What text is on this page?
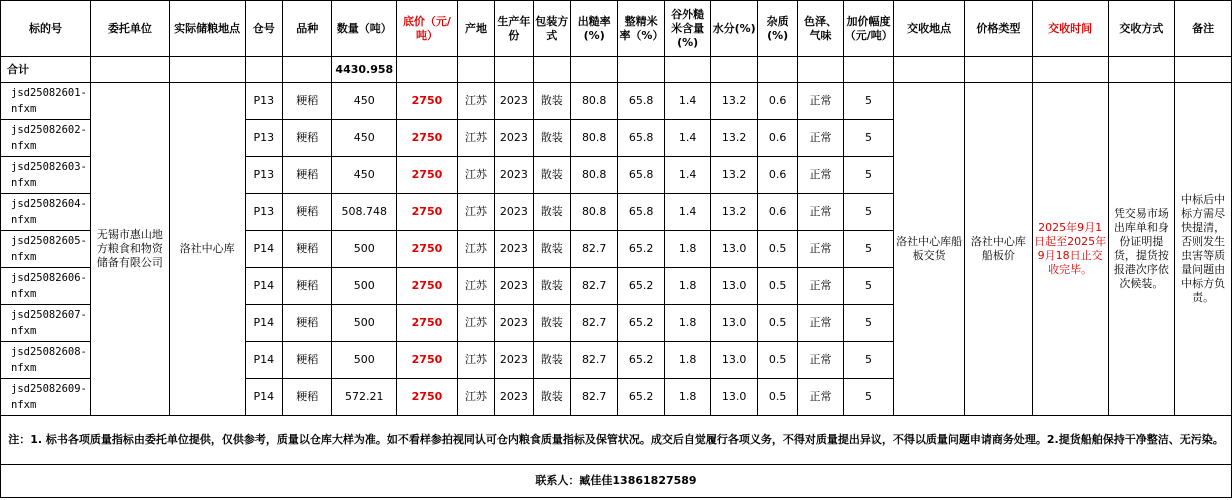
标的号	委托单位	实际储粮地点	仓号	品种	数量（吨）	底价（元/吨）	产地	生产年份	包装方式	出糙率(%)	整精米率（%）	谷外糙米含量(%)	水分(%)	杂质(%)	色泽、气味	加价幅度（元/吨）	交收地点	价格类型	交收时间	交收方式	备注
合计					4430.958																
jsd25082601-nfxm	无锡市惠山地方粮食和物资储备有限公司	洛社中心库	P13	粳稻	450	2750	江苏	2023	散装	80.8	65.8	1.4	13.2	0.6	正常	5	洛社中心库船板交货	洛社中心库船板价	2025年9月1日起至2025年9月18日止交收完毕。	凭交易市场出库单和身份证明提货，提货按报港次序依次候装。	中标后中标方需尽快提清，否则发生虫害等质量问题由中标方负责。
jsd25082602-nfxm			P13	粳稻	450	2750	江苏	2023	散装	80.8	65.8	1.4	13.2	0.6	正常	5					
jsd25082603-nfxm			P13	粳稻	450	2750	江苏	2023	散装	80.8	65.8	1.4	13.2	0.6	正常	5					
jsd25082604-nfxm			P13	粳稻	508.748	2750	江苏	2023	散装	80.8	65.8	1.4	13.2	0.6	正常	5					
jsd25082605-nfxm			P14	粳稻	500	2750	江苏	2023	散装	82.7	65.2	1.8	13.0	0.5	正常	5					
jsd25082606-nfxm			P14	粳稻	500	2750	江苏	2023	散装	82.7	65.2	1.8	13.0	0.5	正常	5					
jsd25082607-nfxm			P14	粳稻	500	2750	江苏	2023	散装	82.7	65.2	1.8	13.0	0.5	正常	5					
jsd25082608-nfxm			P14	粳稻	500	2750	江苏	2023	散装	82.7	65.2	1.8	13.0	0.5	正常	5					
jsd25082609-nfxm			P14	粳稻	572.21	2750	江苏	2023	散装	82.7	65.2	1.8	13.0	0.5	正常	5					
注：1. 标书各项质量指标由委托单位提供，仅供参考，质量以仓库大样为准。如不看样参拍视同认可仓内粮食质量指标及保管状况。成交后自觉履行各项义务，不得对质量提出异议，不得以质量问题申请商务处理。2.提货船舶保持干净整洁、无污染。																					
联系人：臧佳佳13861827589																					
